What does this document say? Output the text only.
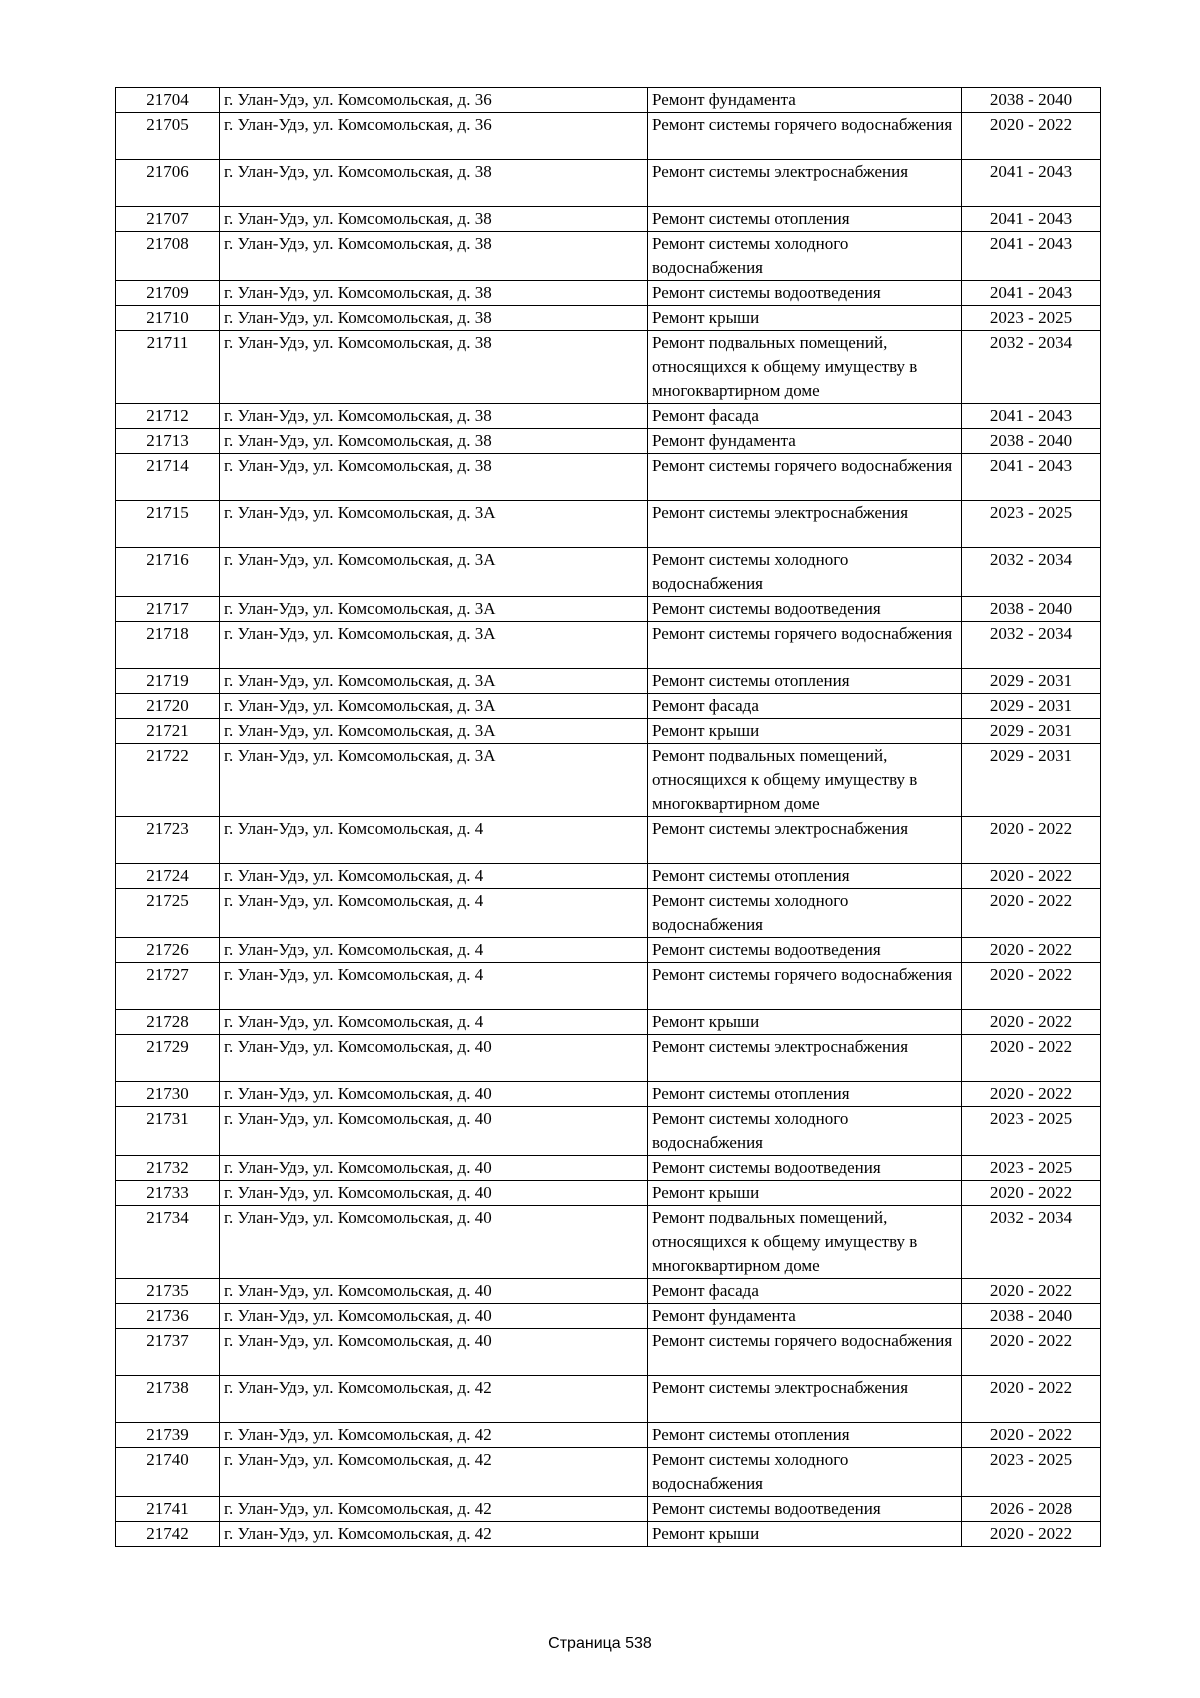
21704	г. Улан-Удэ, ул. Комсомольская, д. 36	Ремонт фундамента	2038 - 2040
21705	г. Улан-Удэ, ул. Комсомольская, д. 36	Ремонт системы горячего водоснабжения	2020 - 2022
21706	г. Улан-Удэ, ул. Комсомольская, д. 38	Ремонт системы электроснабжения	2041 - 2043
21707	г. Улан-Удэ, ул. Комсомольская, д. 38	Ремонт системы отопления	2041 - 2043
21708	г. Улан-Удэ, ул. Комсомольская, д. 38	Ремонт системы холодного водоснабжения	2041 - 2043
21709	г. Улан-Удэ, ул. Комсомольская, д. 38	Ремонт системы водоотведения	2041 - 2043
21710	г. Улан-Удэ, ул. Комсомольская, д. 38	Ремонт крыши	2023 - 2025
21711	г. Улан-Удэ, ул. Комсомольская, д. 38	Ремонт подвальных помещений, относящихся к общему имуществу в многоквартирном доме	2032 - 2034
21712	г. Улан-Удэ, ул. Комсомольская, д. 38	Ремонт фасада	2041 - 2043
21713	г. Улан-Удэ, ул. Комсомольская, д. 38	Ремонт фундамента	2038 - 2040
21714	г. Улан-Удэ, ул. Комсомольская, д. 38	Ремонт системы горячего водоснабжения	2041 - 2043
21715	г. Улан-Удэ, ул. Комсомольская, д. 3А	Ремонт системы электроснабжения	2023 - 2025
21716	г. Улан-Удэ, ул. Комсомольская, д. 3А	Ремонт системы холодного водоснабжения	2032 - 2034
21717	г. Улан-Удэ, ул. Комсомольская, д. 3А	Ремонт системы водоотведения	2038 - 2040
21718	г. Улан-Удэ, ул. Комсомольская, д. 3А	Ремонт системы горячего водоснабжения	2032 - 2034
21719	г. Улан-Удэ, ул. Комсомольская, д. 3А	Ремонт системы отопления	2029 - 2031
21720	г. Улан-Удэ, ул. Комсомольская, д. 3А	Ремонт фасада	2029 - 2031
21721	г. Улан-Удэ, ул. Комсомольская, д. 3А	Ремонт крыши	2029 - 2031
21722	г. Улан-Удэ, ул. Комсомольская, д. 3А	Ремонт подвальных помещений, относящихся к общему имуществу в многоквартирном доме	2029 - 2031
21723	г. Улан-Удэ, ул. Комсомольская, д. 4	Ремонт системы электроснабжения	2020 - 2022
21724	г. Улан-Удэ, ул. Комсомольская, д. 4	Ремонт системы отопления	2020 - 2022
21725	г. Улан-Удэ, ул. Комсомольская, д. 4	Ремонт системы холодного водоснабжения	2020 - 2022
21726	г. Улан-Удэ, ул. Комсомольская, д. 4	Ремонт системы водоотведения	2020 - 2022
21727	г. Улан-Удэ, ул. Комсомольская, д. 4	Ремонт системы горячего водоснабжения	2020 - 2022
21728	г. Улан-Удэ, ул. Комсомольская, д. 4	Ремонт крыши	2020 - 2022
21729	г. Улан-Удэ, ул. Комсомольская, д. 40	Ремонт системы электроснабжения	2020 - 2022
21730	г. Улан-Удэ, ул. Комсомольская, д. 40	Ремонт системы отопления	2020 - 2022
21731	г. Улан-Удэ, ул. Комсомольская, д. 40	Ремонт системы холодного водоснабжения	2023 - 2025
21732	г. Улан-Удэ, ул. Комсомольская, д. 40	Ремонт системы водоотведения	2023 - 2025
21733	г. Улан-Удэ, ул. Комсомольская, д. 40	Ремонт крыши	2020 - 2022
21734	г. Улан-Удэ, ул. Комсомольская, д. 40	Ремонт подвальных помещений, относящихся к общему имуществу в многоквартирном доме	2032 - 2034
21735	г. Улан-Удэ, ул. Комсомольская, д. 40	Ремонт фасада	2020 - 2022
21736	г. Улан-Удэ, ул. Комсомольская, д. 40	Ремонт фундамента	2038 - 2040
21737	г. Улан-Удэ, ул. Комсомольская, д. 40	Ремонт системы горячего водоснабжения	2020 - 2022
21738	г. Улан-Удэ, ул. Комсомольская, д. 42	Ремонт системы электроснабжения	2020 - 2022
21739	г. Улан-Удэ, ул. Комсомольская, д. 42	Ремонт системы отопления	2020 - 2022
21740	г. Улан-Удэ, ул. Комсомольская, д. 42	Ремонт системы холодного водоснабжения	2023 - 2025
21741	г. Улан-Удэ, ул. Комсомольская, д. 42	Ремонт системы водоотведения	2026 - 2028
21742	г. Улан-Удэ, ул. Комсомольская, д. 42	Ремонт крыши	2020 - 2022
Страница 538
